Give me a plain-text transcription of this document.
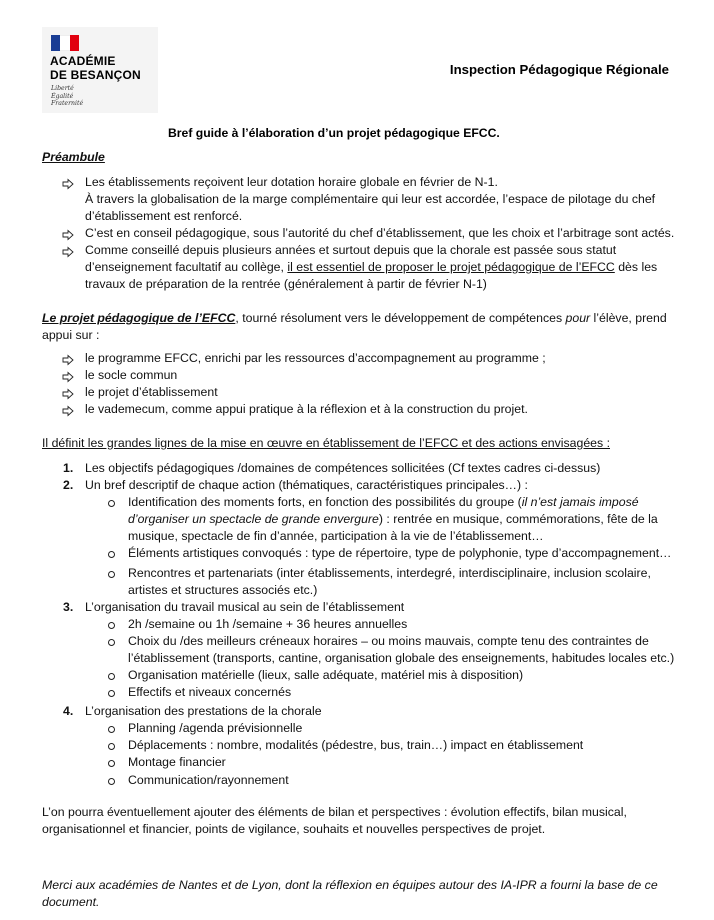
ACADÉMIE
DE BESANÇON
Liberté
Égalité
Fraternité
Inspection Pédagogique Régionale
Bref guide à l’élaboration d’un projet pédagogique EFCC.
Préambule
Les établissements reçoivent leur dotation horaire globale en février de N-1.
À travers la globalisation de la marge complémentaire qui leur est accordée, l’espace de pilotage du chef
d’établissement est renforcé.
C’est en conseil pédagogique, sous l’autorité du chef d’établissement, que les choix et l’arbitrage sont actés.
Comme conseillé depuis plusieurs années et surtout depuis que la chorale est passée sous statut
d’enseignement facultatif au collège, il est essentiel de proposer le projet pédagogique de l’EFCC dès les
travaux de préparation de la rentrée (généralement à partir de février N-1)
Le projet pédagogique de l’EFCC, tourné résolument vers le développement de compétences pour l’élève, prend
appui sur :
le programme EFCC, enrichi par les ressources d’accompagnement au programme ;
le socle commun
le projet d’établissement
le vademecum, comme appui pratique à la réflexion et à la construction du projet.
Il définit les grandes lignes de la mise en œuvre en établissement de l’EFCC et des actions envisagées :
1. Les objectifs pédagogiques /domaines de compétences sollicitées (Cf textes cadres ci-dessus)
2. Un bref descriptif de chaque action (thématiques, caractéristiques principales…) :
Identification des moments forts, en fonction des possibilités du groupe (il n’est jamais imposé
d’organiser un spectacle de grande envergure) : rentrée en musique, commémorations, fête de la
musique, spectacle de fin d’année, participation à la vie de l’établissement…
Éléments artistiques convoqués : type de répertoire, type de polyphonie, type d’accompagnement…
Rencontres et partenariats (inter établissements, interdegré, interdisciplinaire, inclusion scolaire,
artistes et structures associés etc.)
3. L’organisation du travail musical au sein de l’établissement
2h /semaine ou 1h /semaine + 36 heures annuelles
Choix du /des meilleurs créneaux horaires – ou moins mauvais, compte tenu des contraintes de
l’établissement (transports, cantine, organisation globale des enseignements, habitudes locales etc.)
Organisation matérielle (lieux, salle adéquate, matériel mis à disposition)
Effectifs et niveaux concernés
4. L’organisation des prestations de la chorale
Planning /agenda prévisionnelle
Déplacements : nombre, modalités (pédestre, bus, train…) impact en établissement
Montage financier
Communication/rayonnement
L’on pourra éventuellement ajouter des éléments de bilan et perspectives : évolution effectifs, bilan musical,
organisationnel et financier, points de vigilance, souhaits et nouvelles perspectives de projet.
Merci aux académies de Nantes et de Lyon, dont la réflexion en équipes autour des IA-IPR a fourni la base de ce
document.
